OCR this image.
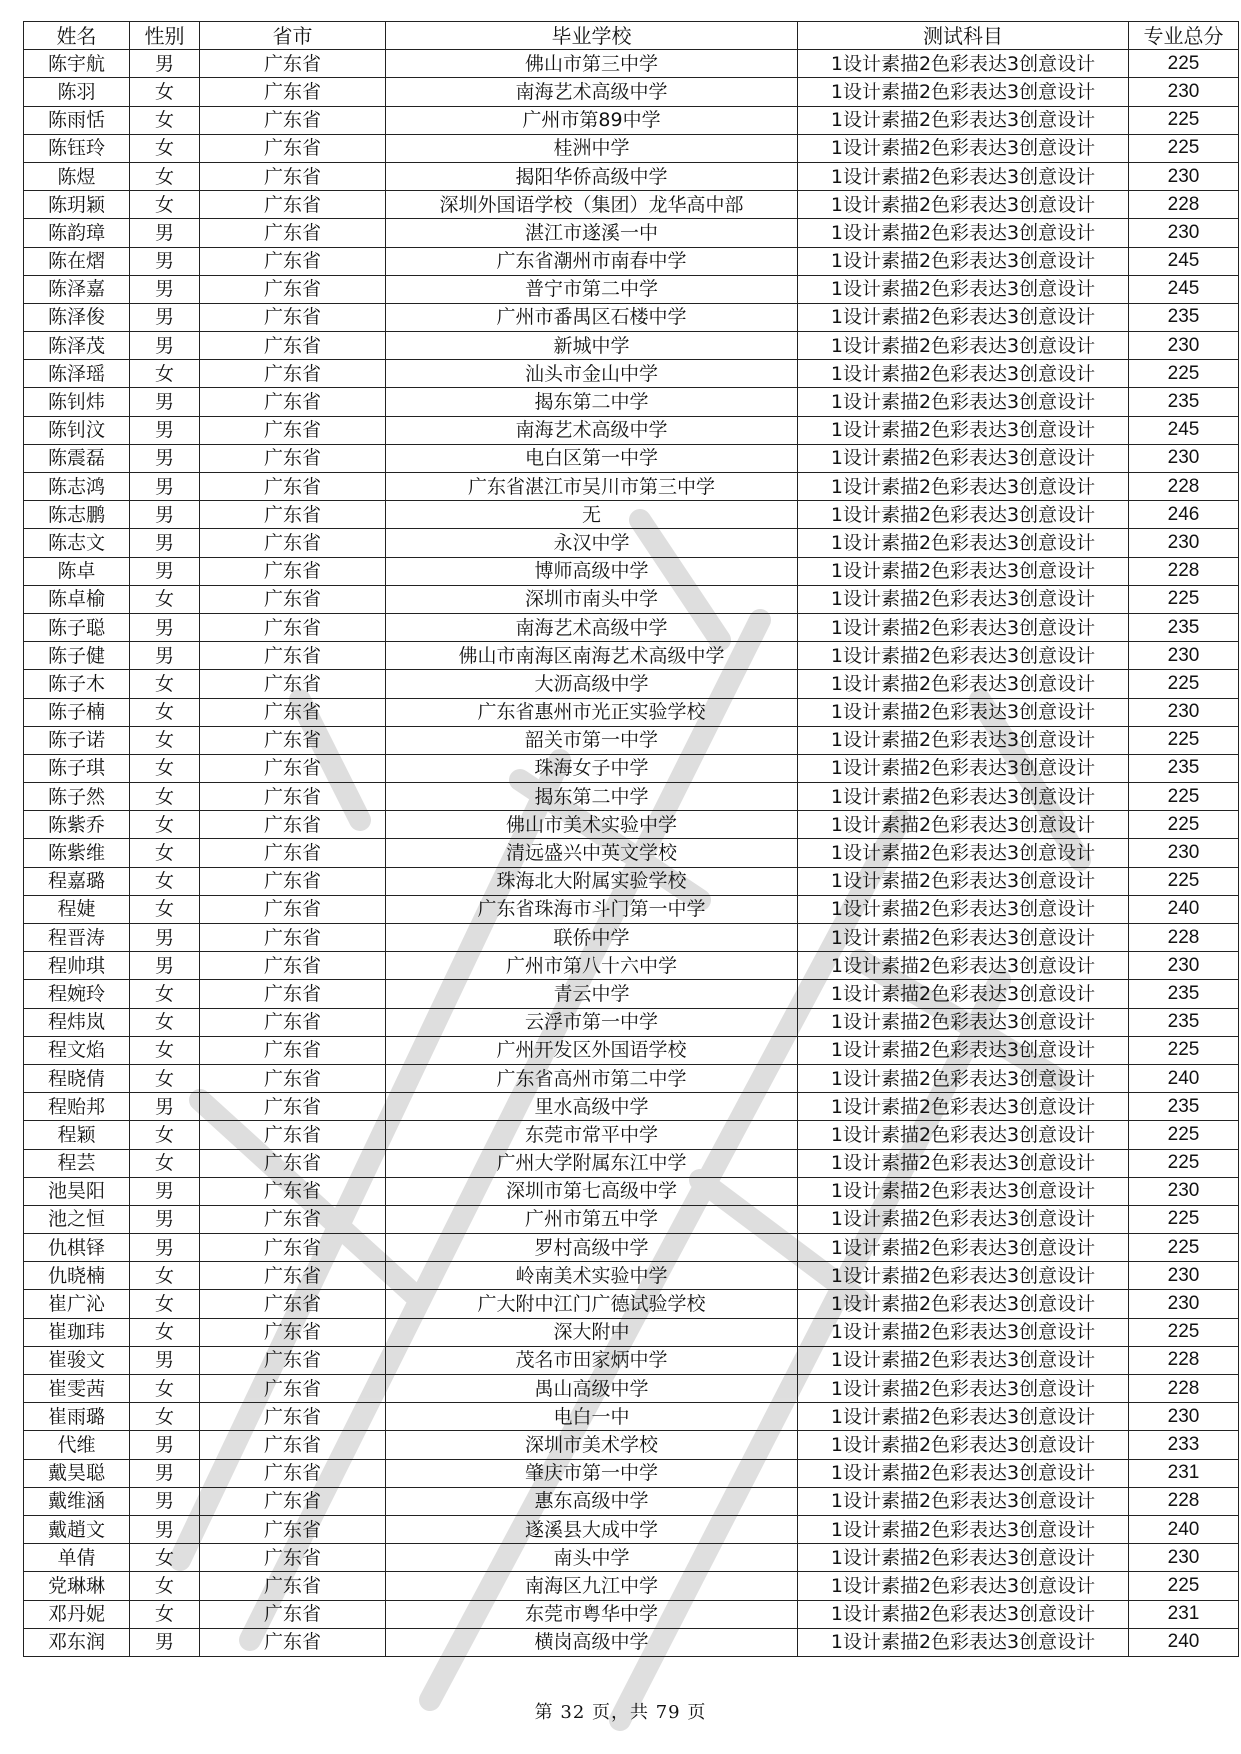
姓名	性别	省市	毕业学校	测试科目	专业总分
陈宇航	男	广东省	佛山市第三中学	1设计素描2色彩表达3创意设计	225
陈羽	女	广东省	南海艺术高级中学	1设计素描2色彩表达3创意设计	230
陈雨恬	女	广东省	广州市第89中学	1设计素描2色彩表达3创意设计	225
陈钰玲	女	广东省	桂洲中学	1设计素描2色彩表达3创意设计	225
陈煜	女	广东省	揭阳华侨高级中学	1设计素描2色彩表达3创意设计	230
陈玥颖	女	广东省	深圳外国语学校（集团）龙华高中部	1设计素描2色彩表达3创意设计	228
陈韵璋	男	广东省	湛江市遂溪一中	1设计素描2色彩表达3创意设计	230
陈在熠	男	广东省	广东省潮州市南春中学	1设计素描2色彩表达3创意设计	245
陈泽嘉	男	广东省	普宁市第二中学	1设计素描2色彩表达3创意设计	245
陈泽俊	男	广东省	广州市番禺区石楼中学	1设计素描2色彩表达3创意设计	235
陈泽茂	男	广东省	新城中学	1设计素描2色彩表达3创意设计	230
陈泽瑶	女	广东省	汕头市金山中学	1设计素描2色彩表达3创意设计	225
陈钊炜	男	广东省	揭东第二中学	1设计素描2色彩表达3创意设计	235
陈钊汶	男	广东省	南海艺术高级中学	1设计素描2色彩表达3创意设计	245
陈震磊	男	广东省	电白区第一中学	1设计素描2色彩表达3创意设计	230
陈志鸿	男	广东省	广东省湛江市吴川市第三中学	1设计素描2色彩表达3创意设计	228
陈志鹏	男	广东省	无	1设计素描2色彩表达3创意设计	246
陈志文	男	广东省	永汉中学	1设计素描2色彩表达3创意设计	230
陈卓	男	广东省	博师高级中学	1设计素描2色彩表达3创意设计	228
陈卓榆	女	广东省	深圳市南头中学	1设计素描2色彩表达3创意设计	225
陈子聪	男	广东省	南海艺术高级中学	1设计素描2色彩表达3创意设计	235
陈子健	男	广东省	佛山市南海区南海艺术高级中学	1设计素描2色彩表达3创意设计	230
陈子木	女	广东省	大沥高级中学	1设计素描2色彩表达3创意设计	225
陈子楠	女	广东省	广东省惠州市光正实验学校	1设计素描2色彩表达3创意设计	230
陈子诺	女	广东省	韶关市第一中学	1设计素描2色彩表达3创意设计	225
陈子琪	女	广东省	珠海女子中学	1设计素描2色彩表达3创意设计	235
陈子然	女	广东省	揭东第二中学	1设计素描2色彩表达3创意设计	225
陈紫乔	女	广东省	佛山市美术实验中学	1设计素描2色彩表达3创意设计	225
陈紫维	女	广东省	清远盛兴中英文学校	1设计素描2色彩表达3创意设计	230
程嘉璐	女	广东省	珠海北大附属实验学校	1设计素描2色彩表达3创意设计	225
程婕	女	广东省	广东省珠海市斗门第一中学	1设计素描2色彩表达3创意设计	240
程晋涛	男	广东省	联侨中学	1设计素描2色彩表达3创意设计	228
程帅琪	男	广东省	广州市第八十六中学	1设计素描2色彩表达3创意设计	230
程婉玲	女	广东省	青云中学	1设计素描2色彩表达3创意设计	235
程炜岚	女	广东省	云浮市第一中学	1设计素描2色彩表达3创意设计	235
程文焰	女	广东省	广州开发区外国语学校	1设计素描2色彩表达3创意设计	225
程晓倩	女	广东省	广东省高州市第二中学	1设计素描2色彩表达3创意设计	240
程贻邦	男	广东省	里水高级中学	1设计素描2色彩表达3创意设计	235
程颖	女	广东省	东莞市常平中学	1设计素描2色彩表达3创意设计	225
程芸	女	广东省	广州大学附属东江中学	1设计素描2色彩表达3创意设计	225
池昊阳	男	广东省	深圳市第七高级中学	1设计素描2色彩表达3创意设计	230
池之恒	男	广东省	广州市第五中学	1设计素描2色彩表达3创意设计	225
仇棋铎	男	广东省	罗村高级中学	1设计素描2色彩表达3创意设计	225
仇晓楠	女	广东省	岭南美术实验中学	1设计素描2色彩表达3创意设计	230
崔广沁	女	广东省	广大附中江门广德试验学校	1设计素描2色彩表达3创意设计	230
崔珈玮	女	广东省	深大附中	1设计素描2色彩表达3创意设计	225
崔骏文	男	广东省	茂名市田家炳中学	1设计素描2色彩表达3创意设计	228
崔雯茜	女	广东省	禺山高级中学	1设计素描2色彩表达3创意设计	228
崔雨璐	女	广东省	电白一中	1设计素描2色彩表达3创意设计	230
代维	男	广东省	深圳市美术学校	1设计素描2色彩表达3创意设计	233
戴昊聪	男	广东省	肇庆市第一中学	1设计素描2色彩表达3创意设计	231
戴维涵	男	广东省	惠东高级中学	1设计素描2色彩表达3创意设计	228
戴趙文	男	广东省	遂溪县大成中学	1设计素描2色彩表达3创意设计	240
单倩	女	广东省	南头中学	1设计素描2色彩表达3创意设计	230
党琳琳	女	广东省	南海区九江中学	1设计素描2色彩表达3创意设计	225
邓丹妮	女	广东省	东莞市粤华中学	1设计素描2色彩表达3创意设计	231
邓东润	男	广东省	横岗高级中学	1设计素描2色彩表达3创意设计	240
第 32 页，共 79 页
